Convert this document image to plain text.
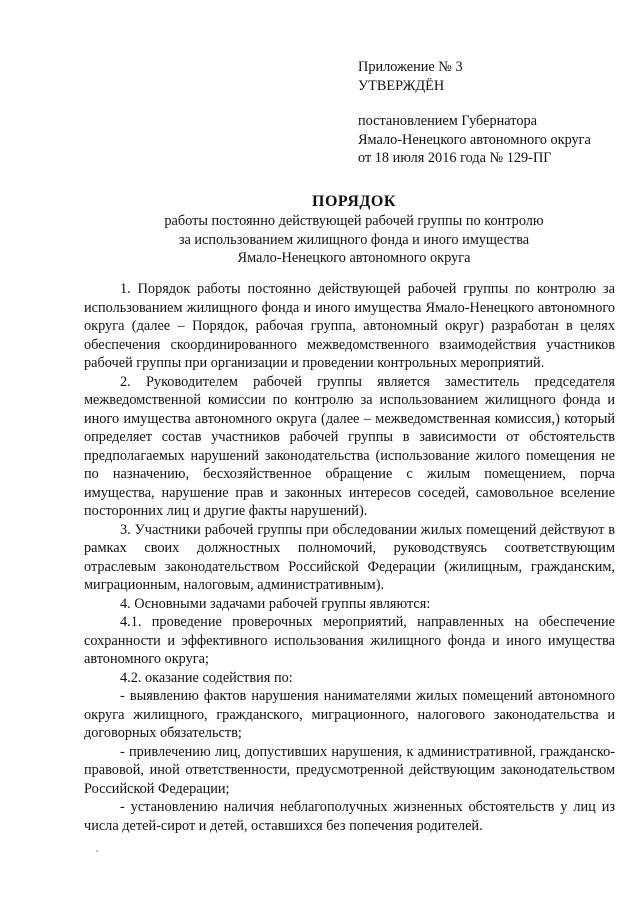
Приложение № 3
УТВЕРЖДЁН
постановлением Губернатора
Ямало-Ненецкого автономного округа
от 18 июля 2016 года № 129-ПГ
ПОРЯДОК
работы постоянно действующей рабочей группы по контролю
за использованием жилищного фонда и иного имущества
Ямало-Ненецкого автономного округа

1. Порядок работы постоянно действующей рабочей группы по контролю за использованием жилищного фонда и иного имущества Ямало-Ненецкого автономного округа (далее – Порядок, рабочая группа, автономный округ) разработан в целях обеспечения скоординированного межведомственного взаимодействия участников рабочей группы при организации и проведении контрольных мероприятий.

2. Руководителем рабочей группы является заместитель председателя межведомственной комиссии по контролю за использованием жилищного фонда и иного имущества автономного округа (далее – межведомственная комиссия,) который определяет состав участников рабочей группы в зависимости от обстоятельств предполагаемых нарушений законодательства (использование жилого помещения не по назначению, бесхозяйственное обращение с жилым помещением, порча имущества, нарушение прав и законных интересов соседей, самовольное вселение посторонних лиц и другие факты нарушений).

3. Участники рабочей группы при обследовании жилых помещений действуют в рамках своих должностных полномочий, руководствуясь соответствующим отраслевым законодательством Российской Федерации (жилищным, гражданским, миграционным, налоговым, административным).

4. Основными задачами рабочей группы являются:

4.1. проведение проверочных мероприятий, направленных на обеспечение сохранности и эффективного использования жилищного фонда и иного имущества автономного округа;

4.2. оказание содействия по:

- выявлению фактов нарушения нанимателями жилых помещений автономного округа жилищного, гражданского, миграционного, налогового законодательства и договорных обязательств;

- привлечению лиц, допустивших нарушения, к административной, гражданско-правовой, иной ответственности, предусмотренной действующим законодательством Российской Федерации;

- установлению наличия неблагополучных жизненных обстоятельств у лиц из числа детей-сирот и детей, оставшихся без попечения родителей.
